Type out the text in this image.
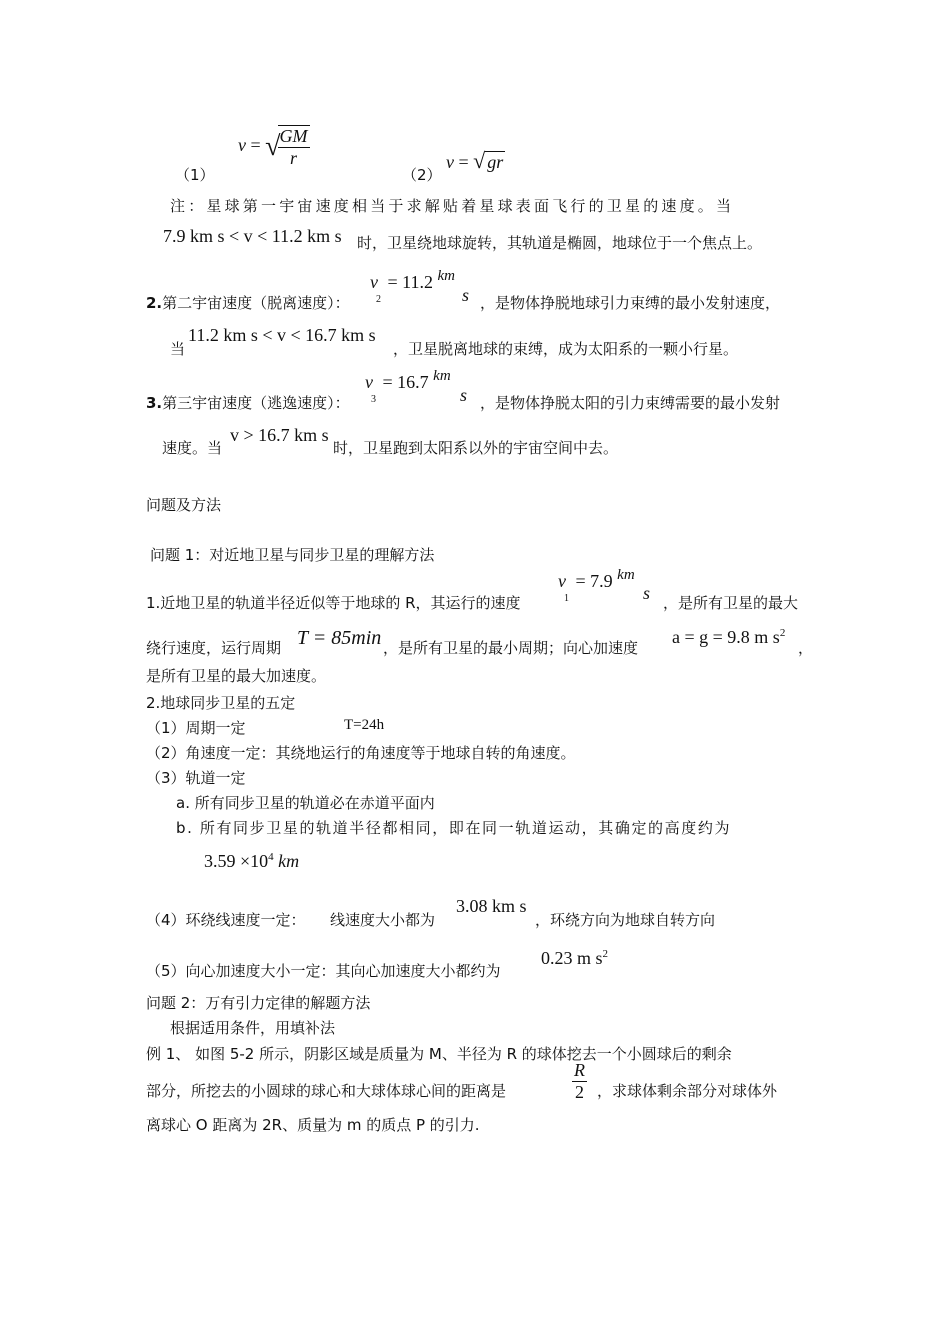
（1）
v = √
$\frac{GM}{r}$
（2）
v = √ gr
注：星球第一宇宙速度相当于求解贴着星球表面飞行的卫星的速度。当
7.9 km s < v < 11.2 km s 时，卫星绕地球旋转，其轨道是椭圆，地球位于一个焦点上。
2.第二宇宙速度（脱离速度）：
$v_2 = 11.2$ $^{km}$
s ，是物体挣脱地球引力束缚的最小发射速度，
当
11.2 km s < v < 16.7 km s
，卫星脱离地球的束缚，成为太阳系的一颗小行星。
3.第三宇宙速度（逃逸速度）：
$v_3 = 16.7$ $^{km}$
s ，是物体挣脱太阳的引力束缚需要的最小发射
速度。当
v > 16.7 km s
时，卫星跑到太阳系以外的宇宙空间中去。
问题及方法
问题 1：对近地卫星与同步卫星的理解方法
1.近地卫星的轨道半径近似等于地球的 R，其运行的速度
$v_1 = 7.9$ $^{km}$
s ，是所有卫星的最大
绕行速度，运行周期 T = 85min ，是所有卫星的最小周期；向心加速度
a = g = 9.8 m $s^2$
，
是所有卫星的最大加速度。
2.地球同步卫星的五定
（1）周期一定	T=24h
（2）角速度一定：其绕地运行的角速度等于地球自转的角速度。
（3）轨道一定
a. 所有同步卫星的轨道必在赤道平面内
b. 所有同步卫星的轨道半径都相同，即在同一轨道运动，其确定的高度约为
$3.59 \times 10^4$ km
（4）环绕线速度一定： 线速度大小都为
3.08 km s
，环绕方向为地球自转方向
（5）向心加速度大小一定：其向心加速度大小都约为
0.23 m $s^2$
问题 2：万有引力定律的解题方法
根据适用条件，用填补法
例 1、 如图 5-2 所示，阴影区域是质量为 M、半径为 R 的球体挖去一个小圆球后的剩余
部分，所挖去的小圆球的球心和大球体球心间的距离是	$\frac{R}{2}$ ，求球体剩余部分对球体外
离球心 O 距离为 2R、质量为 m 的质点 P 的引力.
